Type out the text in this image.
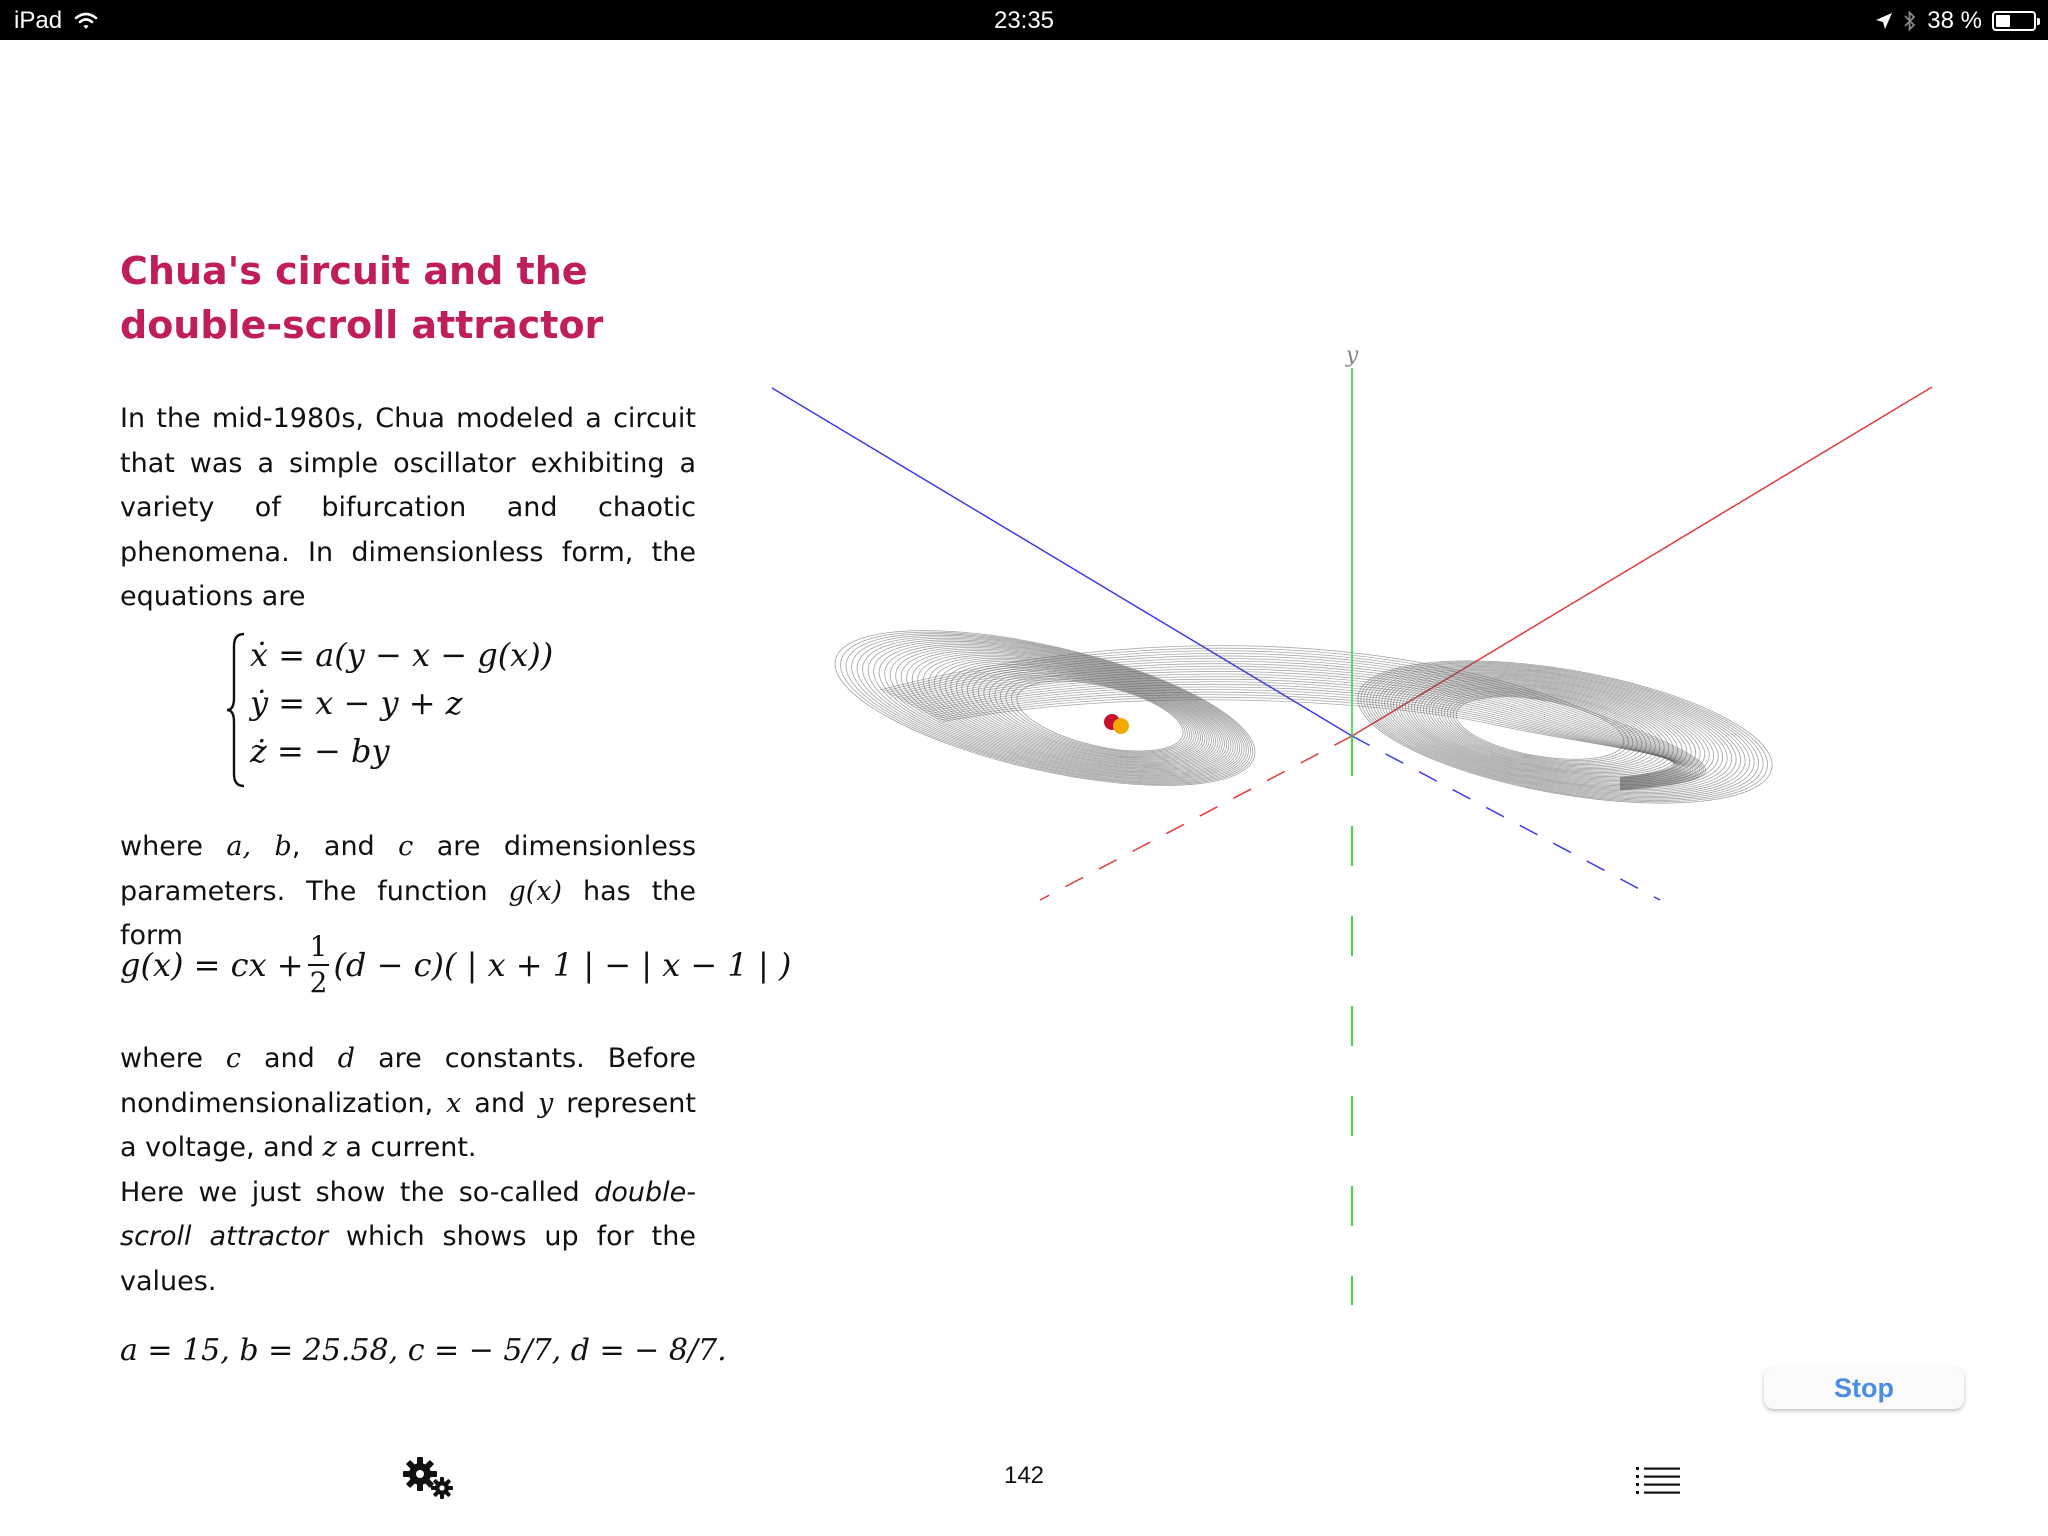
iPad	23:35	38 %
Chua's circuit and the double-scroll attractor

In the mid-1980s, Chua modeled a circuit that was a simple oscillator exhibiting a variety of bifurcation and chaotic phenomena. In dimensionless form, the equations are

ẋ = a(y − x − g(x))
ẏ = x − y + z
ż = − by

where a, b, and c are dimensionless parameters. The function g(x) has the form

g(x) = cx + $\frac{1}{2} (d - c)$( | x + 1 | − | x − 1 | )

where c and d are constants. Before nondimensionalization, x and y represent a voltage, and z a current.
Here we just show the so-called double-scroll attractor which shows up for the values.

a = 15, b = 25.58, c = − 5/7, d = − 8/7.
y
Stop
142
